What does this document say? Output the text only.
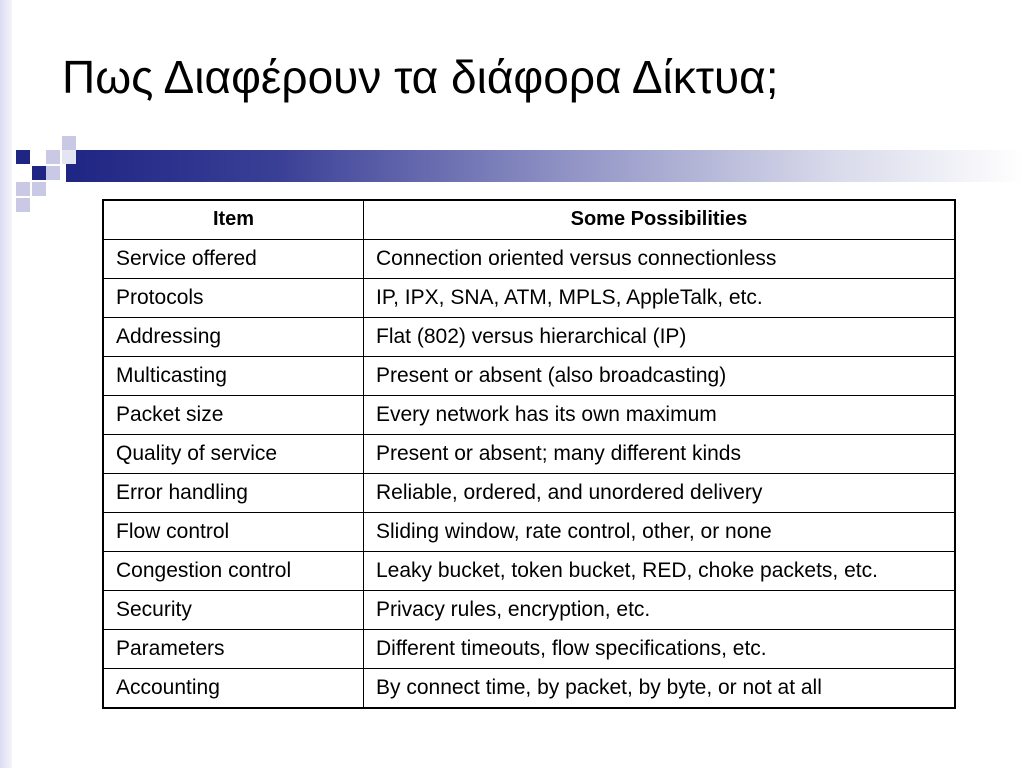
Πως Διαφέρουν τα διάφορα Δίκτυα;
Item	Some Possibilities
Service offered	Connection oriented versus connectionless
Protocols	IP, IPX, SNA, ATM, MPLS, AppleTalk, etc.
Addressing	Flat (802) versus hierarchical (IP)
Multicasting	Present or absent (also broadcasting)
Packet size	Every network has its own maximum
Quality of service	Present or absent; many different kinds
Error handling	Reliable, ordered, and unordered delivery
Flow control	Sliding window, rate control, other, or none
Congestion control	Leaky bucket, token bucket, RED, choke packets, etc.
Security	Privacy rules, encryption, etc.
Parameters	Different timeouts, flow specifications, etc.
Accounting	By connect time, by packet, by byte, or not at all
